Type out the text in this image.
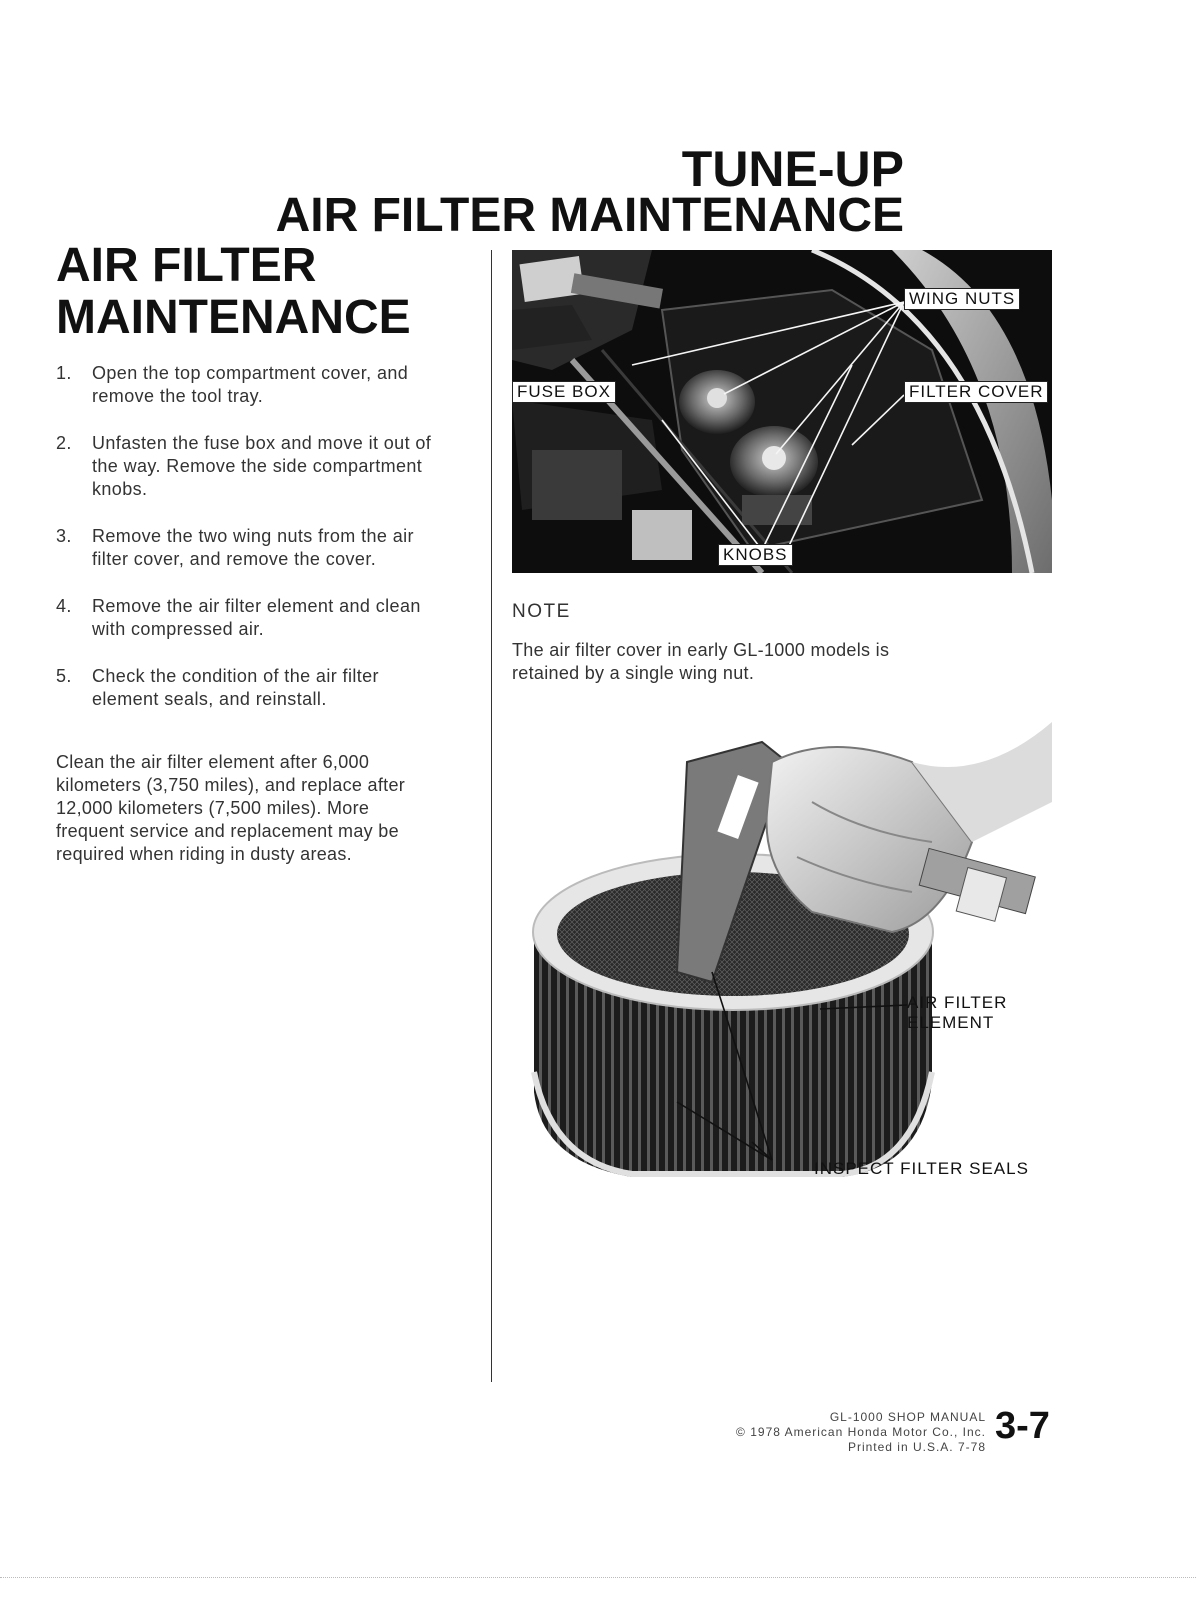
TUNE-UP
AIR FILTER MAINTENANCE
AIR FILTER
MAINTENANCE
1.	Open the top compartment cover, and remove the tool tray.
2.	Unfasten the fuse box and move it out of the way. Remove the side compartment knobs.
3.	Remove the two wing nuts from the air filter cover, and remove the cover.
4.	Remove the air filter element and clean with compressed air.
5.	Check the condition of the air filter element seals, and reinstall.

Clean the air filter element after 6,000 kilometers (3,750 miles), and replace after 12,000 kilometers (7,500 miles). More frequent service and replacement may be required when riding in dusty areas.

WING NUTS
FUSE BOX	FILTER COVER
KNOBS
NOTE

The air filter cover in early GL-1000 models is retained by a single wing nut.

AIR FILTER
ELEMENT
INSPECT FILTER SEALS
GL-1000 SHOP MANUAL
© 1978 American Honda Motor Co., Inc.
Printed in U.S.A. 7-78 3-7
